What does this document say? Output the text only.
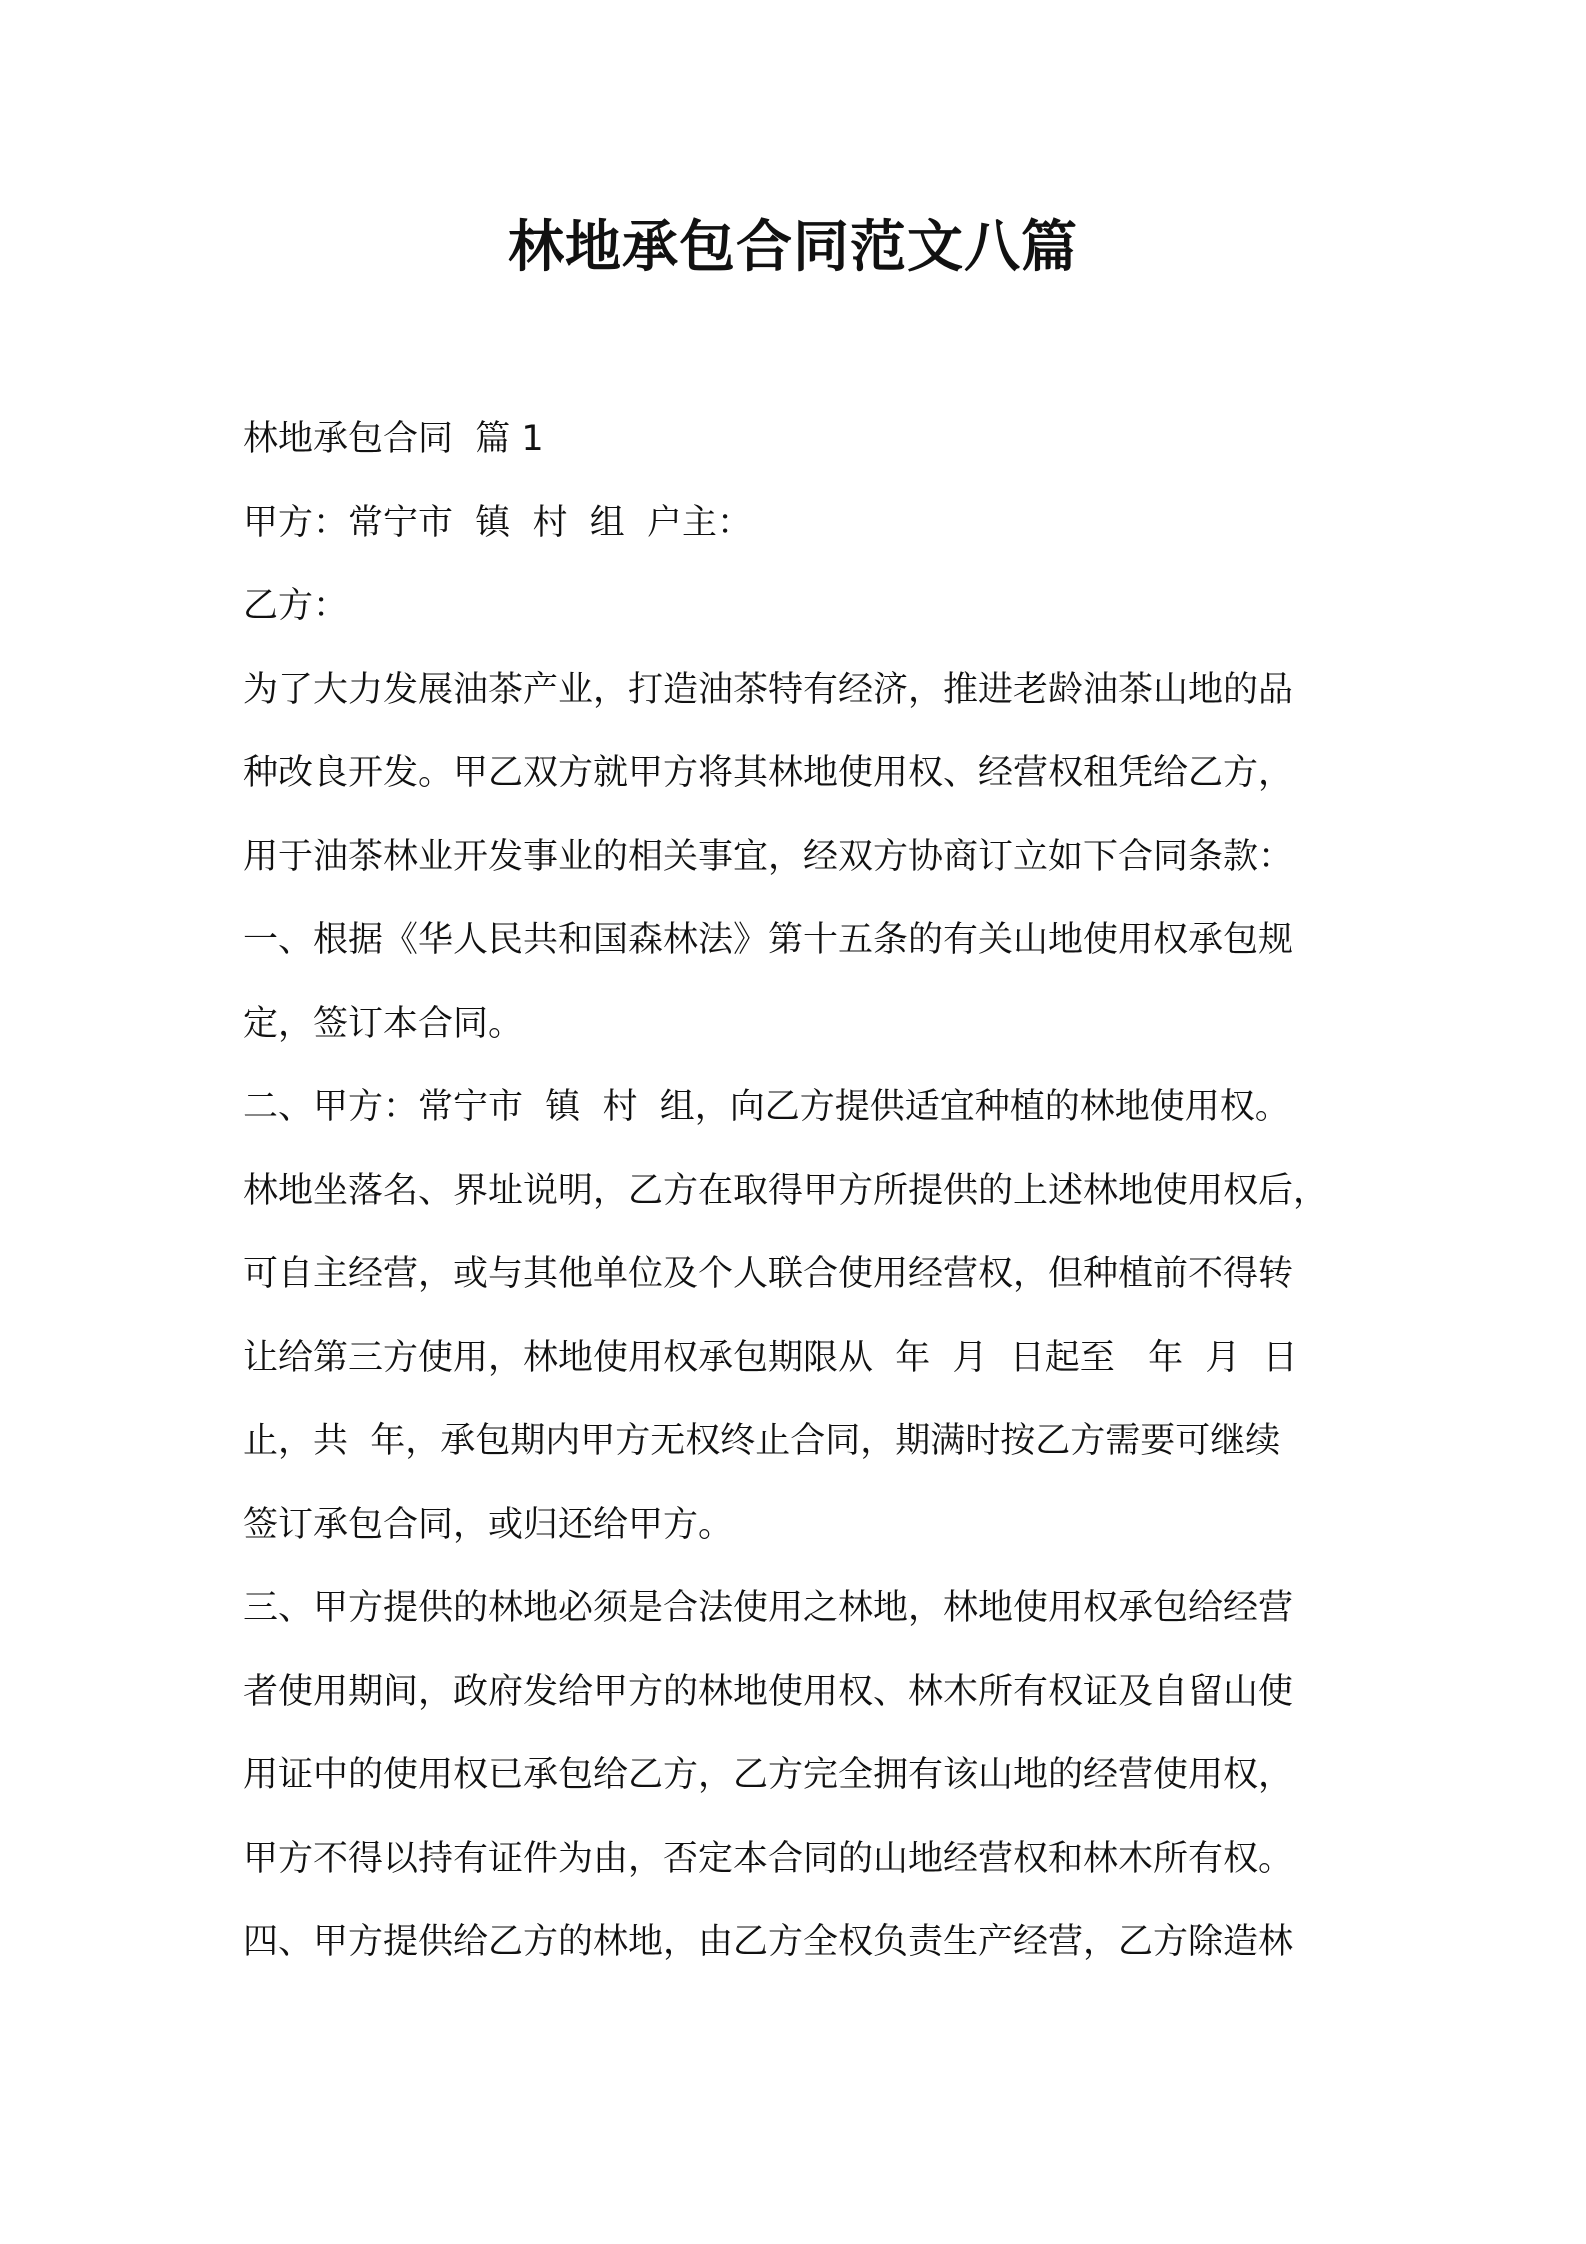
林地承包合同范文八篇
林地承包合同  篇 1
甲方：常宁市  镇  村  组  户主：
乙方：
为了大力发展油茶产业，打造油茶特有经济，推进老龄油茶山地的品
种改良开发。甲乙双方就甲方将其林地使用权、经营权租凭给乙方，
用于油茶林业开发事业的相关事宜，经双方协商订立如下合同条款：
一、根据《华人民共和国森林法》第十五条的有关山地使用权承包规
定，签订本合同。
二、甲方：常宁市  镇  村  组，向乙方提供适宜种植的林地使用权。
林地坐落名、界址说明，乙方在取得甲方所提供的上述林地使用权后，
可自主经营，或与其他单位及个人联合使用经营权，但种植前不得转
让给第三方使用，林地使用权承包期限从  年  月  日起至   年  月  日
止，共  年，承包期内甲方无权终止合同，期满时按乙方需要可继续
签订承包合同，或归还给甲方。
三、甲方提供的林地必须是合法使用之林地，林地使用权承包给经营
者使用期间，政府发给甲方的林地使用权、林木所有权证及自留山使
用证中的使用权已承包给乙方，乙方完全拥有该山地的经营使用权，
甲方不得以持有证件为由，否定本合同的山地经营权和林木所有权。
四、甲方提供给乙方的林地，由乙方全权负责生产经营，乙方除造林
